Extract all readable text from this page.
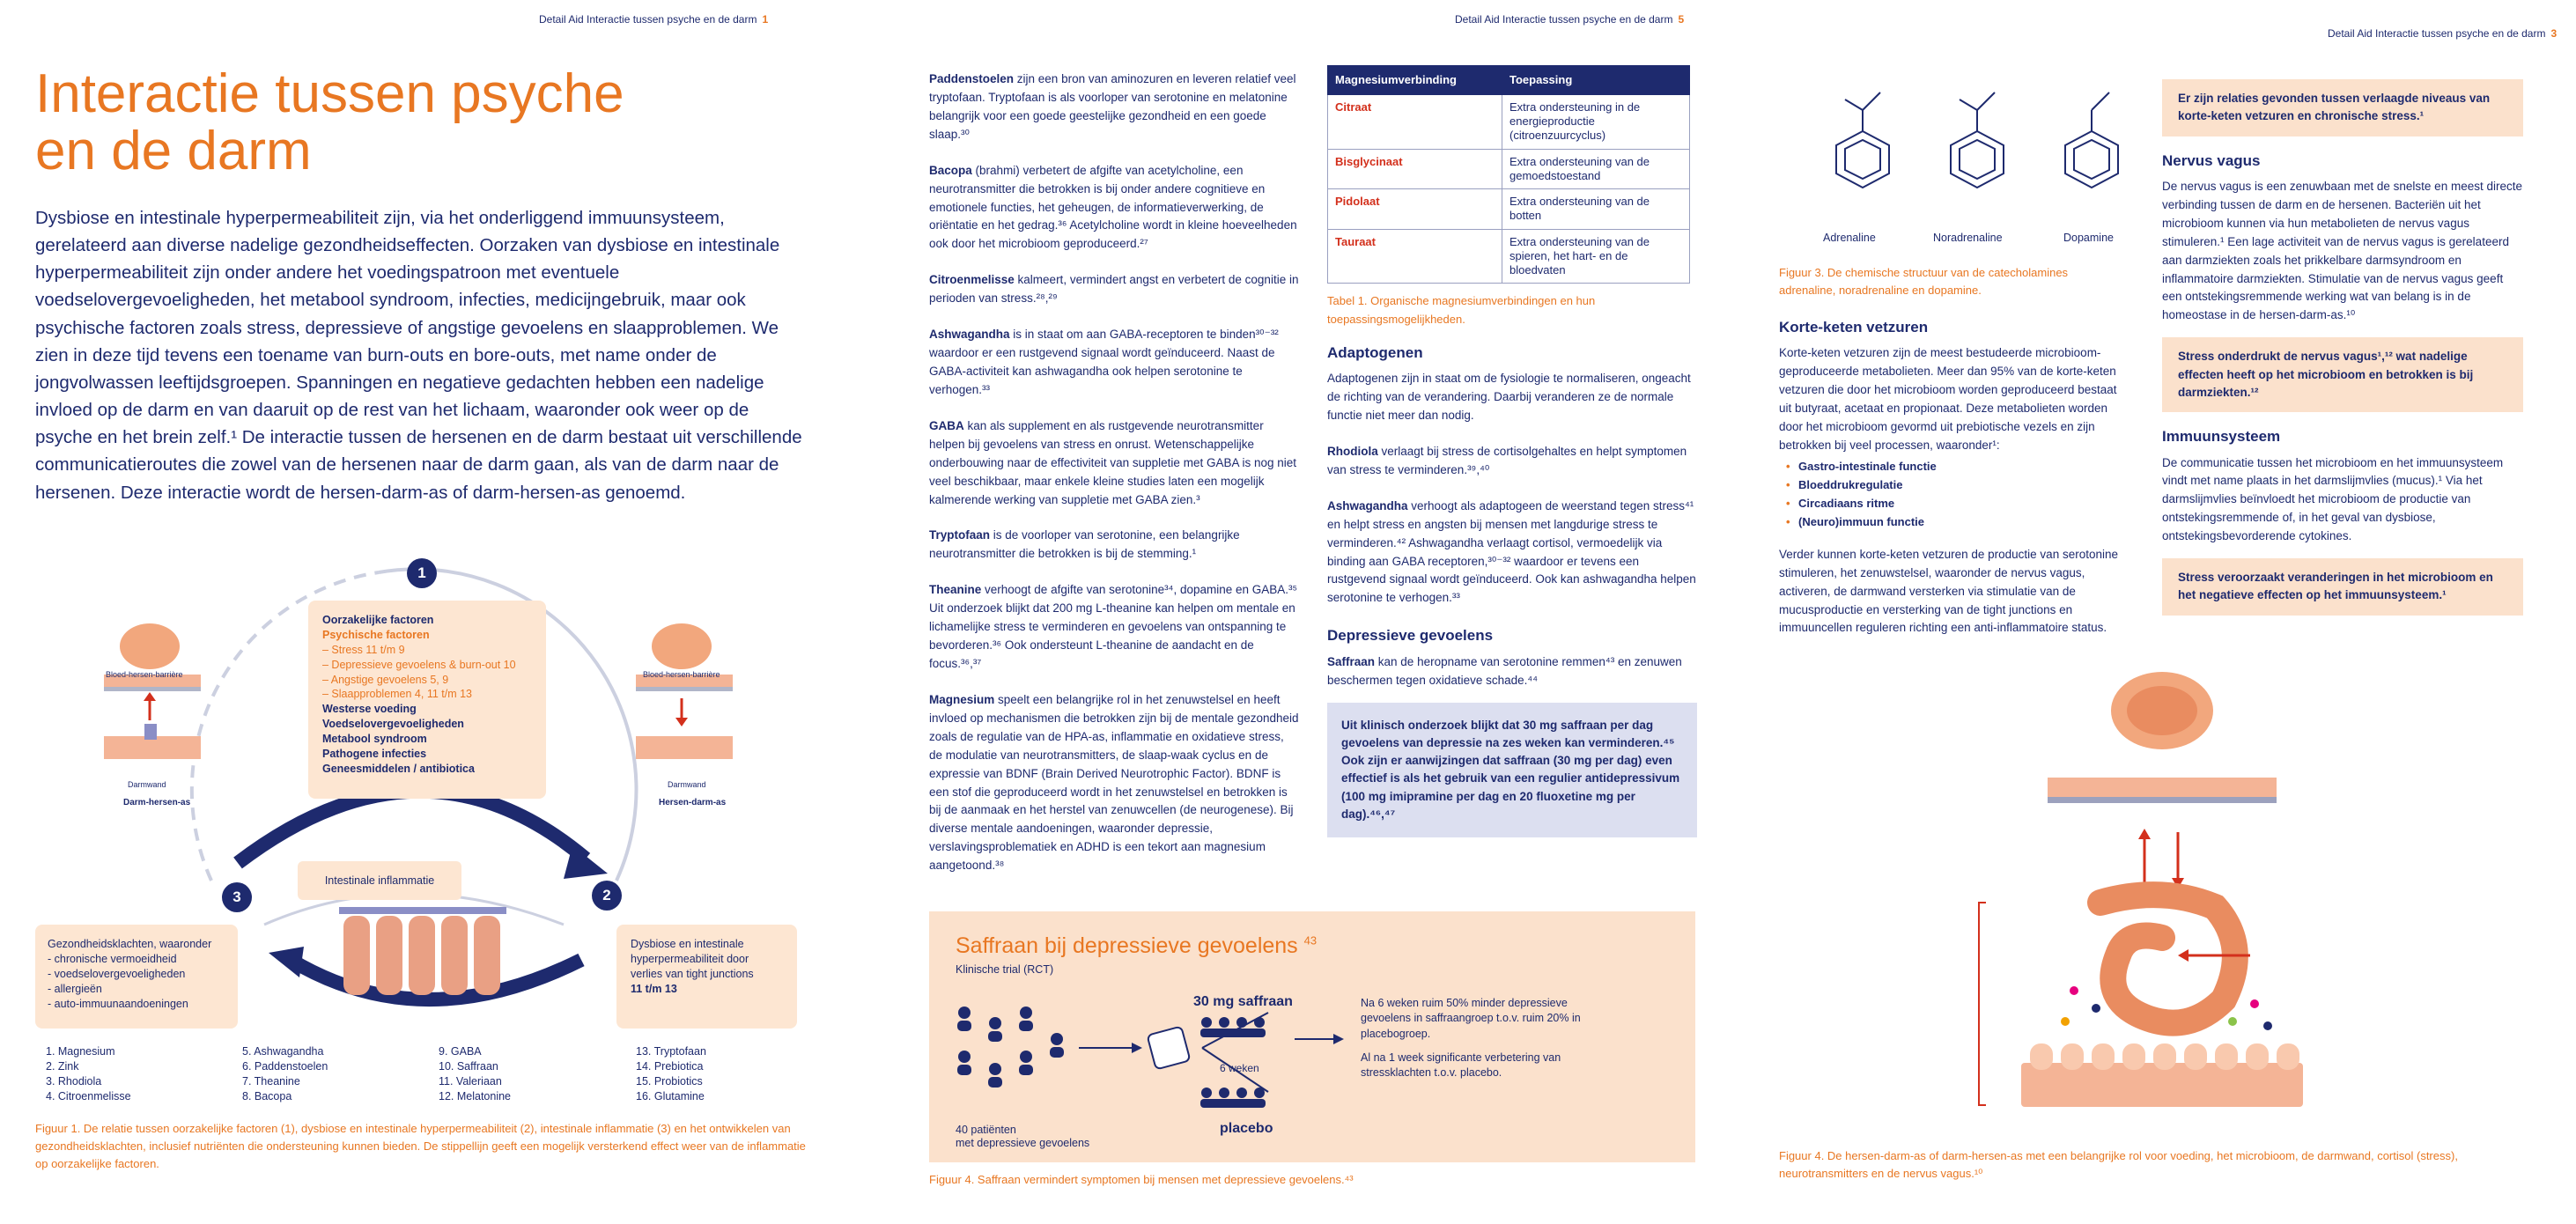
Detail Aid Interactie tussen psyche en de darm 1
Interactie tussen psyche
en de darm

Dysbiose en intestinale hyperpermeabiliteit zijn, via het onderliggend immuunsysteem, gerelateerd aan diverse nadelige gezondheidseffecten. Oorzaken van dysbiose en intestinale hyperpermeabiliteit zijn onder andere het voedingspatroon met eventuele voedselovergevoeligheden, het metabool syndroom, infecties, medicijngebruik, maar ook psychische factoren zoals stress, depressieve of angstige gevoelens en slaapproblemen. We zien in deze tijd tevens een toename van burn-outs en bore-outs, met name onder de jongvolwassen leeftijdsgroepen. Spanningen en negatieve gedachten hebben een nadelige invloed op de darm en van daaruit op de rest van het lichaam, waaronder ook weer op de psyche en het brein zelf.¹ De interactie tussen de hersenen en de darm bestaat uit verschillende communicatieroutes die zowel van de hersenen naar de darm gaan, als van de darm naar de hersenen. Deze interactie wordt de hersen-darm-as of darm-hersen-as genoemd.

1
2
3
Oorzakelijke factoren
Psychische factoren
– Stress 11 t/m 9
– Depressieve gevoelens & burn-out 10
– Angstige gevoelens 5, 9
– Slaapproblemen 4, 11 t/m 13
Westerse voeding
Voedselovergevoeligheden
Metabool syndroom
Pathogene infecties
Geneesmiddelen / antibiotica
Bloed-hersen-barrière
Darmwand
Darm-hersen-as
Bloed-hersen-barrière
Darmwand
Hersen-darm-as
Intestinale inflammatie
Dysbiose en intestinale
hyperpermeabiliteit door
verlies van tight junctions
11 t/m 13
Gezondheidsklachten, waaronder
- chronische vermoeidheid
- voedselovergevoeligheden
- allergieën
- auto-immuunaandoeningen
1. Magnesium
2. Zink
3. Rhodiola
4. Citroenmelisse
5. Ashwagandha
6. Paddenstoelen
7. Theanine
8. Bacopa
9. GABA
10. Saffraan
11. Valeriaan
12. Melatonine
13. Tryptofaan
14. Prebiotica
15. Probiotics
16. Glutamine

Figuur 1. De relatie tussen oorzakelijke factoren (1), dysbiose en intestinale hyperpermeabiliteit (2), intestinale inflammatie (3) en het ontwikkelen van gezondheidsklachten, inclusief nutriënten die ondersteuning kunnen bieden. De stippellijn geeft een mogelijk versterkend effect weer van de inflammatie op oorzakelijke factoren.

Detail Aid Interactie tussen psyche en de darm 5

Paddenstoelen zijn een bron van aminozuren en leveren relatief veel tryptofaan. Tryptofaan is als voorloper van serotonine en melatonine belangrijk voor een goede geestelijke gezondheid en een goede slaap.³⁰

Bacopa (brahmi) verbetert de afgifte van acetylcholine, een neurotransmitter die betrokken is bij onder andere cognitieve en emotionele functies, het geheugen, de informatieverwerking, de oriëntatie en het gedrag.³⁶ Acetylcholine wordt in kleine hoeveelheden ook door het microbioom geproduceerd.²⁷

Citroenmelisse kalmeert, vermindert angst en verbetert de cognitie in perioden van stress.²⁸,²⁹

Ashwagandha is in staat om aan GABA-receptoren te binden³⁰⁻³² waardoor er een rustgevend signaal wordt geïnduceerd. Naast de GABA-activiteit kan ashwagandha ook helpen serotonine te verhogen.³³

GABA kan als supplement en als rustgevende neurotransmitter helpen bij gevoelens van stress en onrust. Wetenschappelijke onderbouwing naar de effectiviteit van suppletie met GABA is nog niet veel beschikbaar, maar enkele kleine studies laten een mogelijk kalmerende werking van suppletie met GABA zien.³

Tryptofaan is de voorloper van serotonine, een belangrijke neurotransmitter die betrokken is bij de stemming.¹

Theanine verhoogt de afgifte van serotonine³⁴, dopamine en GABA.³⁵ Uit onderzoek blijkt dat 200 mg L-theanine kan helpen om mentale en lichamelijke stress te verminderen en gevoelens van ontspanning te bevorderen.³⁶ Ook ondersteunt L-theanine de aandacht en de focus.³⁶,³⁷

Magnesium speelt een belangrijke rol in het zenuwstelsel en heeft invloed op mechanismen die betrokken zijn bij de mentale gezondheid zoals de regulatie van de HPA-as, inflammatie en oxidatieve stress, de modulatie van neurotransmitters, de slaap-waak cyclus en de expressie van BDNF (Brain Derived Neurotrophic Factor). BDNF is een stof die geproduceerd wordt in het zenuwstelsel en betrokken is bij de aanmaak en het herstel van zenuwcellen (de neurogenese). Bij diverse mentale aandoeningen, waaronder depressie, verslavingsproblematiek en ADHD is een tekort aan magnesium aangetoond.³⁸

Magnesiumverbinding	Toepassing
Citraat	Extra ondersteuning in de energieproductie (citroenzuurcyclus)
Bisglycinaat	Extra ondersteuning van de gemoedstoestand
Pidolaat	Extra ondersteuning van de botten
Tauraat	Extra ondersteuning van de spieren, het hart- en de bloedvaten

Tabel 1. Organische magnesiumverbindingen en hun toepassingsmogelijkheden.

Adaptogenen

Adaptogenen zijn in staat om de fysiologie te normaliseren, ongeacht de richting van de verandering. Daarbij veranderen ze de normale functie niet meer dan nodig.

Rhodiola verlaagt bij stress de cortisolgehaltes en helpt symptomen van stress te verminderen.³⁹,⁴⁰

Ashwagandha verhoogt als adaptogeen de weerstand tegen stress⁴¹ en helpt stress en angsten bij mensen met langdurige stress te verminderen.⁴² Ashwagandha verlaagt cortisol, vermoedelijk via binding aan GABA receptoren,³⁰⁻³² waardoor er tevens een rustgevend signaal wordt geïnduceerd. Ook kan ashwagandha helpen serotonine te verhogen.³³

Depressieve gevoelens

Saffraan kan de heropname van serotonine remmen⁴³ en zenuwen beschermen tegen oxidatieve schade.⁴⁴

Uit klinisch onderzoek blijkt dat 30 mg saffraan per dag gevoelens van depressie na zes weken kan verminderen.⁴⁵ Ook zijn er aanwijzingen dat saffraan (30 mg per dag) even effectief is als het gebruik van een regulier antidepressivum (100 mg imipramine per dag en 20 fluoxetine mg per dag).⁴⁶,⁴⁷
Saffraan bij depressieve gevoelens $^{43}$
Klinische trial (RCT)
40 patiënten
met depressieve gevoelens
30 mg saffraan
6 weken
placebo
Na 6 weken ruim 50% minder depressieve gevoelens in saffraangroep t.o.v. ruim 20% in placebogroep.
Al na 1 week significante verbetering van stressklachten t.o.v. placebo.

Figuur 4. Saffraan vermindert symptomen bij mensen met depressieve gevoelens.⁴³

Detail Aid Interactie tussen psyche en de darm 3
Adrenaline	Noradrenaline	Dopamine

Figuur 3. De chemische structuur van de catecholamines adrenaline, noradrenaline en dopamine.

Korte-keten vetzuren

Korte-keten vetzuren zijn de meest bestudeerde microbioom-geproduceerde metabolieten. Meer dan 95% van de korte-keten vetzuren die door het microbioom worden geproduceerd bestaat uit butyraat, acetaat en propionaat. Deze metabolieten worden door het microbioom gevormd uit prebiotische vezels en zijn betrokken bij veel processen, waaronder¹:

• Gastro-intestinale functie
• Bloeddrukregulatie
• Circadiaans ritme
• (Neuro)immuun functie

Verder kunnen korte-keten vetzuren de productie van serotonine stimuleren, het zenuwstelsel, waaronder de nervus vagus, activeren, de darmwand versterken via stimulatie van de mucusproductie en versterking van de tight junctions en immuuncellen reguleren richting een anti-inflammatoire status.

Er zijn relaties gevonden tussen verlaagde niveaus van korte-keten vetzuren en chronische stress.¹
Nervus vagus

De nervus vagus is een zenuwbaan met de snelste en meest directe verbinding tussen de darm en de hersenen. Bacteriën uit het microbioom kunnen via hun metabolieten de nervus vagus stimuleren.¹ Een lage activiteit van de nervus vagus is gerelateerd aan darmziekten zoals het prikkelbare darmsyndroom en inflammatoire darmziekten. Stimulatie van de nervus vagus geeft een ontstekingsremmende werking wat van belang is in de homeostase in de hersen-darm-as.¹⁰

Stress onderdrukt de nervus vagus¹,¹² wat nadelige effecten heeft op het microbioom en betrokken is bij darmziekten.¹²
Immuunsysteem

De communicatie tussen het microbioom en het immuunsysteem vindt met name plaats in het darmslijmvlies (mucus).¹ Via het darmslijmvlies beïnvloedt het microbioom de productie van ontstekingsremmende of, in het geval van dysbiose, ontstekingsbevorderende cytokines.

Stress veroorzaakt veranderingen in het microbioom en het negatieve effecten op het immuunsysteem.¹

Figuur 4. De hersen-darm-as of darm-hersen-as met een belangrijke rol voor voeding, het microbioom, de darmwand, cortisol (stress), neurotransmitters en de nervus vagus.¹⁰
